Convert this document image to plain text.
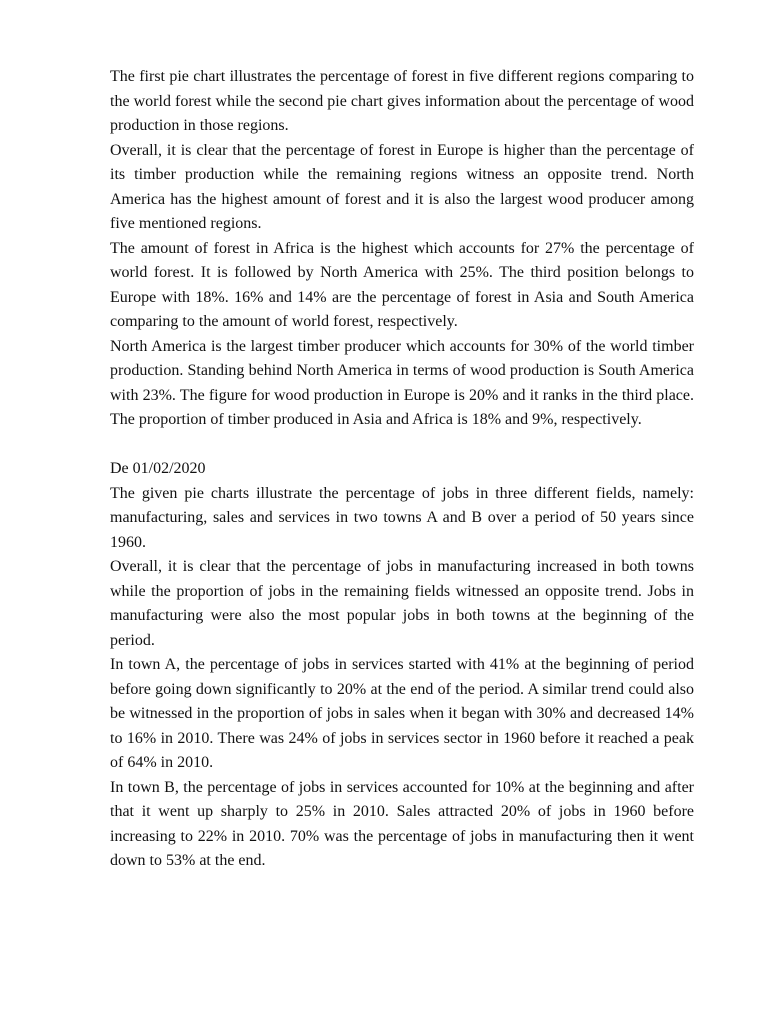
The first pie chart illustrates the percentage of forest in five different regions comparing to the world forest while the second pie chart gives information about the percentage of wood production in those regions.

Overall, it is clear that the percentage of forest in Europe is higher than the percentage of its timber production while the remaining regions witness an opposite trend. North America has the highest amount of forest and it is also the largest wood producer among five mentioned regions.

The amount of forest in Africa is the highest which accounts for 27% the percentage of world forest. It is followed by North America with 25%. The third position belongs to Europe with 18%. 16% and 14% are the percentage of forest in Asia and South America comparing to the amount of world forest, respectively.

North America is the largest timber producer which accounts for 30% of the world timber production. Standing behind North America in terms of wood production is South America with 23%. The figure for wood production in Europe is 20% and it ranks in the third place. The proportion of timber produced in Asia and Africa is 18% and 9%, respectively.

De 01/02/2020

The given pie charts illustrate the percentage of jobs in three different fields, namely: manufacturing, sales and services in two towns A and B over a period of 50 years since 1960.

Overall, it is clear that the percentage of jobs in manufacturing increased in both towns while the proportion of jobs in the remaining fields witnessed an opposite trend. Jobs in manufacturing were also the most popular jobs in both towns at the beginning of the period.

In town A, the percentage of jobs in services started with 41% at the beginning of period before going down significantly to 20% at the end of the period. A similar trend could also be witnessed in the proportion of jobs in sales when it began with 30% and decreased 14% to 16% in 2010. There was 24% of jobs in services sector in 1960 before it reached a peak of 64% in 2010.

In town B, the percentage of jobs in services accounted for 10% at the beginning and after that it went up sharply to 25% in 2010. Sales attracted 20% of jobs in 1960 before increasing to 22% in 2010. 70% was the percentage of jobs in manufacturing then it went down to 53% at the end.
